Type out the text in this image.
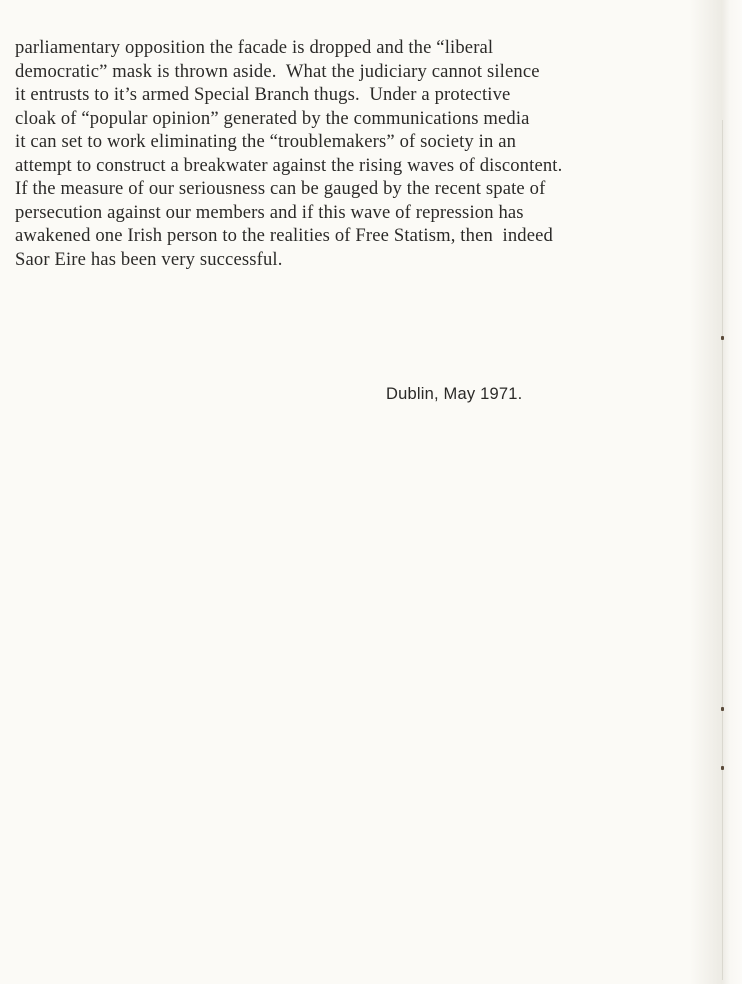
parliamentary opposition the facade is dropped and the “liberal
democratic” mask is thrown aside.  What the judiciary cannot silence
it entrusts to it’s armed Special Branch thugs.  Under a protective
cloak of “popular opinion” generated by the communications media
it can set to work eliminating the “troublemakers” of society in an
attempt to construct a breakwater against the rising waves of discontent.
If the measure of our seriousness can be gauged by the recent spate of
persecution against our members and if this wave of repression has
awakened one Irish person to the realities of Free Statism, then  indeed
Saor Eire has been very successful.
Dublin, May 1971.
